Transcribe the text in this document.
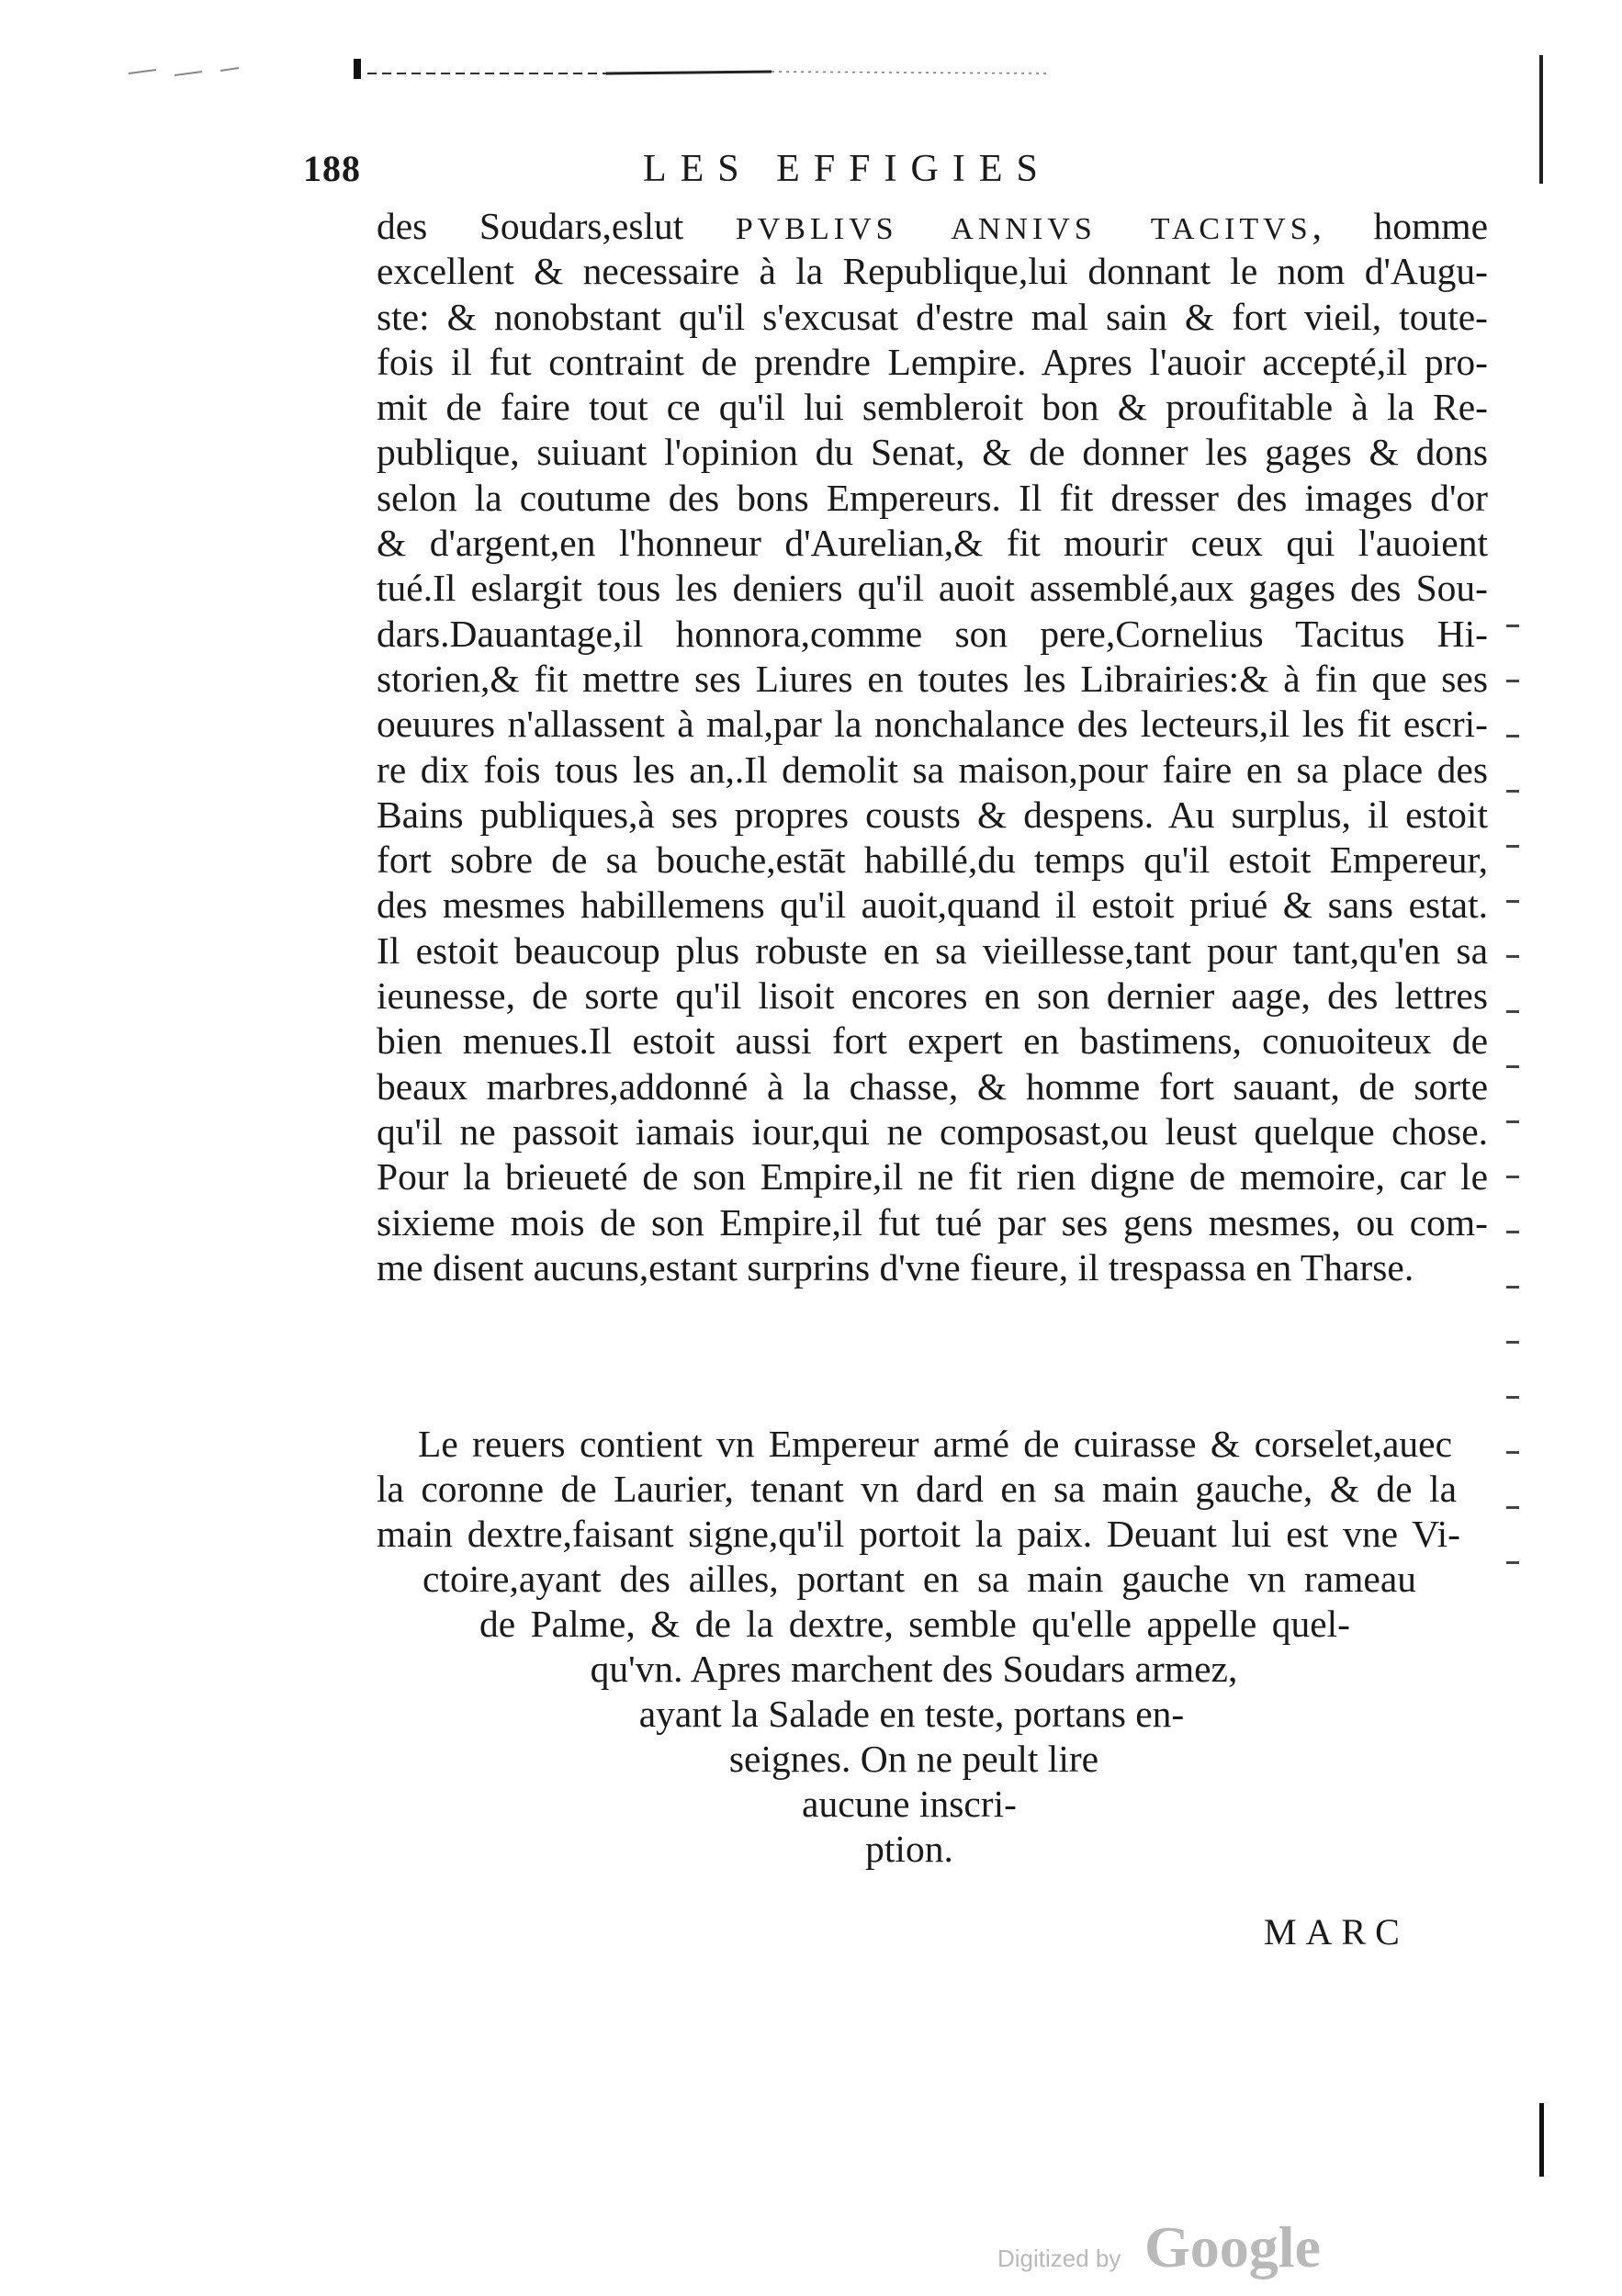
188	LES EFFIGIES
des Soudars,eslut PVBLIVS ANNIVS TACITVS, homme
excellent & necessaire à la Republique,lui donnant le nom d'Augu-
ste: & nonobstant qu'il s'excusat d'estre mal sain & fort vieil, toute-
fois il fut contraint de prendre Lempire. Apres l'auoir accepté,il pro-
mit de faire tout ce qu'il lui sembleroit bon & proufitable à la Re-
publique, suiuant l'opinion du Senat, & de donner les gages & dons
selon la coutume des bons Empereurs. Il fit dresser des images d'or
& d'argent,en l'honneur d'Aurelian,& fit mourir ceux qui l'auoient
tué.Il eslargit tous les deniers qu'il auoit assemblé,aux gages des Sou-
dars.Dauantage,il honnora,comme son pere,Cornelius Tacitus Hi-
storien,& fit mettre ses Liures en toutes les Librairies:& à fin que ses
oeuures n'allassent à mal,par la nonchalance des lecteurs,il les fit escri-
re dix fois tous les an,.Il demolit sa maison,pour faire en sa place des
Bains publiques,à ses propres cousts & despens. Au surplus, il estoit
fort sobre de sa bouche,estāt habillé,du temps qu'il estoit Empereur,
des mesmes habillemens qu'il auoit,quand il estoit priué & sans estat.
Il estoit beaucoup plus robuste en sa vieillesse,tant pour tant,qu'en sa
ieunesse, de sorte qu'il lisoit encores en son dernier aage, des lettres
bien menues.Il estoit aussi fort expert en bastimens, conuoiteux de
beaux marbres,addonné à la chasse, & homme fort sauant, de sorte
qu'il ne passoit iamais iour,qui ne composast,ou leust quelque chose.
Pour la brieueté de son Empire,il ne fit rien digne de memoire, car le
sixieme mois de son Empire,il fut tué par ses gens mesmes, ou com-
me disent aucuns,estant surprins d'vne fieure, il trespassa en Tharse.
Le reuers contient vn Empereur armé de cuirasse & corselet,auec
la coronne de Laurier, tenant vn dard en sa main gauche, & de la
main dextre,faisant signe,qu'il portoit la paix. Deuant lui est vne Vi-
ctoire,ayant des ailles, portant en sa main gauche vn rameau
de Palme, & de la dextre, semble qu'elle appelle quel-
qu'vn. Apres marchent des Soudars armez,
ayant la Salade en teste, portans en-
seignes. On ne peult lire
aucune inscri-
ption.
MARC
Digitized by Google
